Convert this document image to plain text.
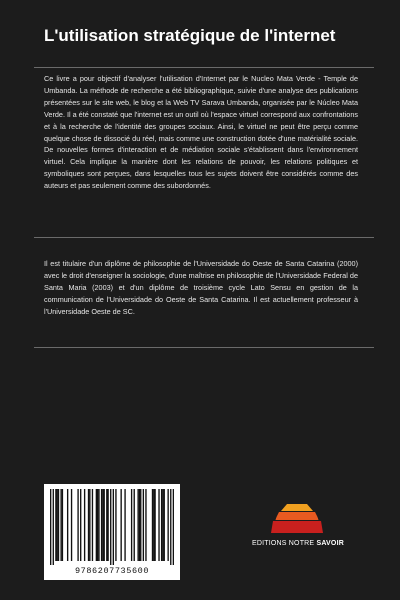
L'utilisation stratégique de l'internet

Ce livre a pour objectif d'analyser l'utilisation d'Internet par le Nucleo Mata Verde - Temple de Umbanda. La méthode de recherche a été bibliographique, suivie d'une analyse des publications présentées sur le site web, le blog et la Web TV Sarava Umbanda, organisée par le Núcleo Mata Verde. Il a été constaté que l'internet est un outil où l'espace virtuel correspond aux confrontations et à la recherche de l'identité des groupes sociaux. Ainsi, le virtuel ne peut être perçu comme quelque chose de dissocié du réel, mais comme une construction dotée d'une matérialité sociale. De nouvelles formes d'interaction et de médiation sociale s'établissent dans l'environnement virtuel. Cela implique la manière dont les relations de pouvoir, les relations politiques et symboliques sont perçues, dans lesquelles tous les sujets doivent être considérés comme des auteurs et pas seulement comme des subordonnés.

Il est titulaire d'un diplôme de philosophie de l'Universidade do Oeste de Santa Catarina (2000) avec le droit d'enseigner la sociologie, d'une maîtrise en philosophie de l'Universidade Federal de Santa Maria (2003) et d'un diplôme de troisième cycle Lato Sensu en gestion de la communication de l'Universidade do Oeste de Santa Catarina. Il est actuellement professeur à l'Universidade Oeste de SC.

9786207735600
EDITIONS NOTRE SAVOIR
